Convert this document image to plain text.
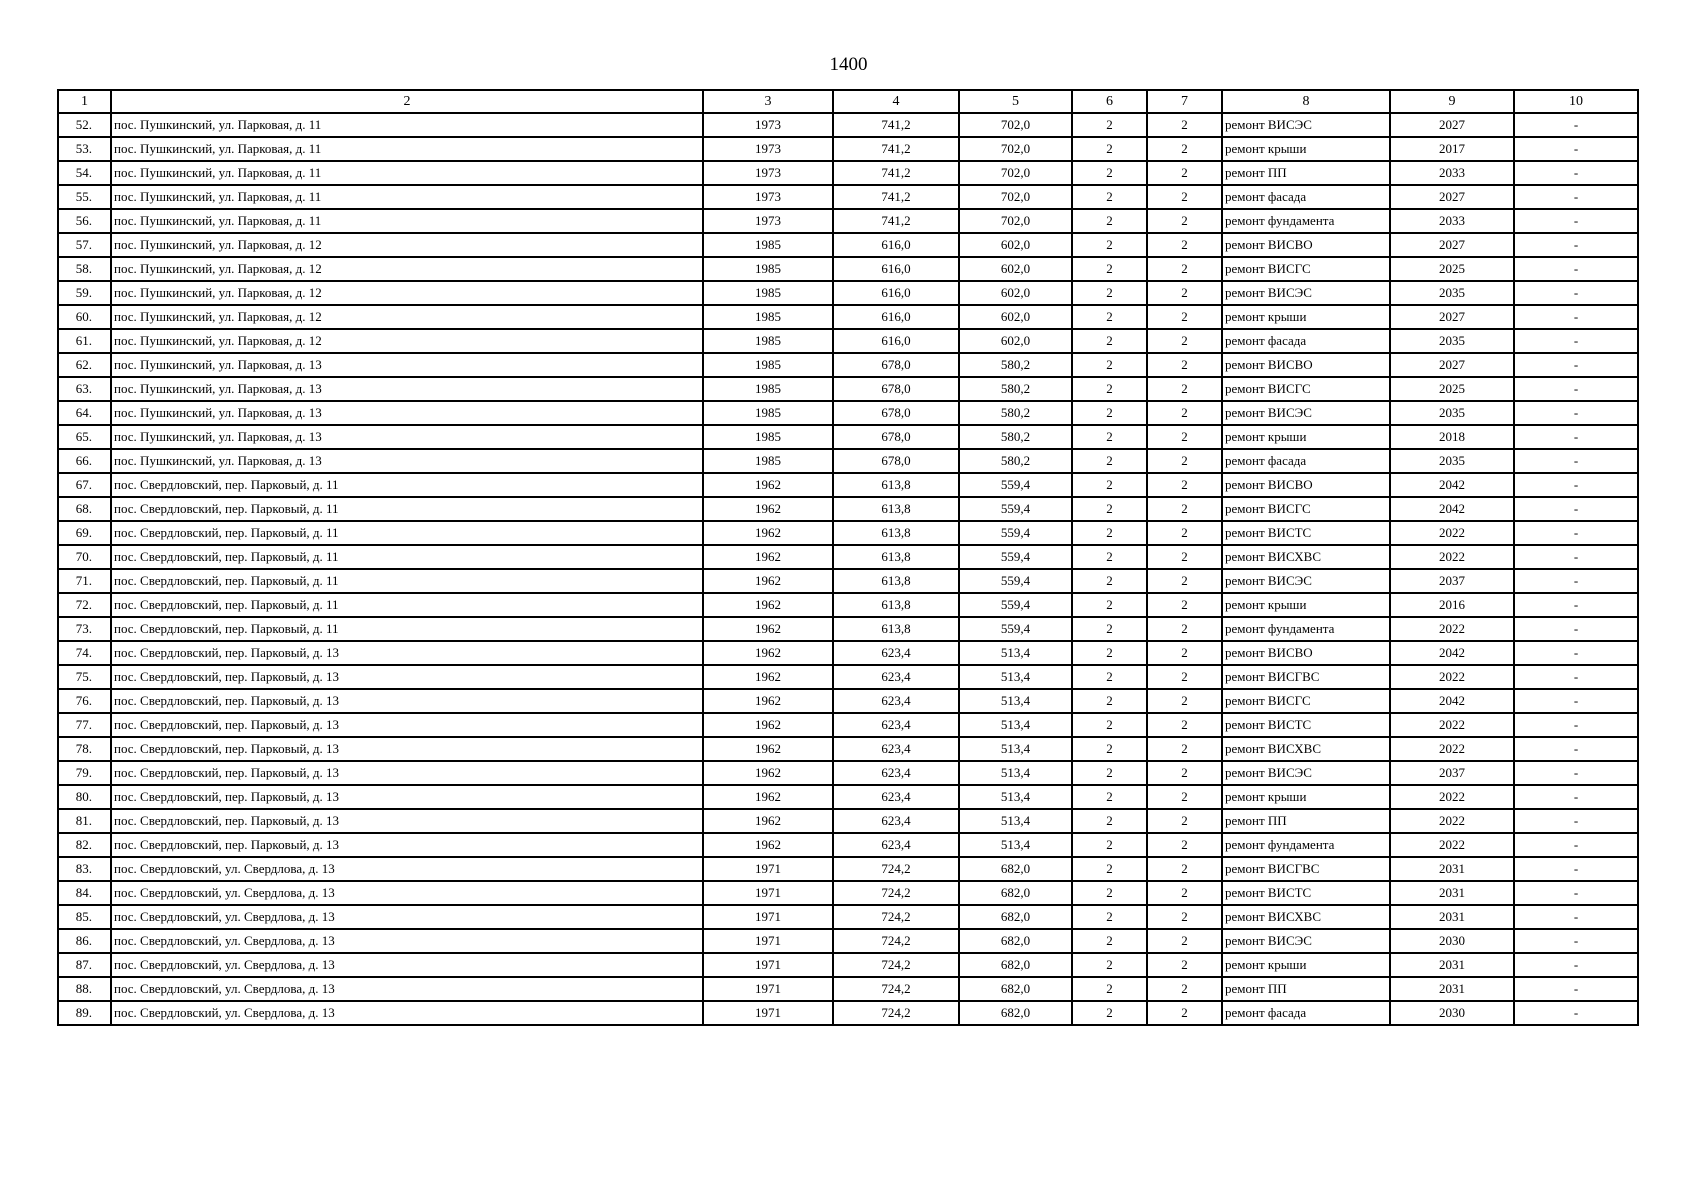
1400
1	2	3	4	5	6	7	8	9	10
52.	пос. Пушкинский, ул. Парковая, д. 11	1973	741,2	702,0	2	2	ремонт ВИСЭС	2027	-
53.	пос. Пушкинский, ул. Парковая, д. 11	1973	741,2	702,0	2	2	ремонт крыши	2017	-
54.	пос. Пушкинский, ул. Парковая, д. 11	1973	741,2	702,0	2	2	ремонт ПП	2033	-
55.	пос. Пушкинский, ул. Парковая, д. 11	1973	741,2	702,0	2	2	ремонт фасада	2027	-
56.	пос. Пушкинский, ул. Парковая, д. 11	1973	741,2	702,0	2	2	ремонт фундамента	2033	-
57.	пос. Пушкинский, ул. Парковая, д. 12	1985	616,0	602,0	2	2	ремонт ВИСВО	2027	-
58.	пос. Пушкинский, ул. Парковая, д. 12	1985	616,0	602,0	2	2	ремонт ВИСГС	2025	-
59.	пос. Пушкинский, ул. Парковая, д. 12	1985	616,0	602,0	2	2	ремонт ВИСЭС	2035	-
60.	пос. Пушкинский, ул. Парковая, д. 12	1985	616,0	602,0	2	2	ремонт крыши	2027	-
61.	пос. Пушкинский, ул. Парковая, д. 12	1985	616,0	602,0	2	2	ремонт фасада	2035	-
62.	пос. Пушкинский, ул. Парковая, д. 13	1985	678,0	580,2	2	2	ремонт ВИСВО	2027	-
63.	пос. Пушкинский, ул. Парковая, д. 13	1985	678,0	580,2	2	2	ремонт ВИСГС	2025	-
64.	пос. Пушкинский, ул. Парковая, д. 13	1985	678,0	580,2	2	2	ремонт ВИСЭС	2035	-
65.	пос. Пушкинский, ул. Парковая, д. 13	1985	678,0	580,2	2	2	ремонт крыши	2018	-
66.	пос. Пушкинский, ул. Парковая, д. 13	1985	678,0	580,2	2	2	ремонт фасада	2035	-
67.	пос. Свердловский, пер. Парковый, д. 11	1962	613,8	559,4	2	2	ремонт ВИСВО	2042	-
68.	пос. Свердловский, пер. Парковый, д. 11	1962	613,8	559,4	2	2	ремонт ВИСГС	2042	-
69.	пос. Свердловский, пер. Парковый, д. 11	1962	613,8	559,4	2	2	ремонт ВИСТС	2022	-
70.	пос. Свердловский, пер. Парковый, д. 11	1962	613,8	559,4	2	2	ремонт ВИСХВС	2022	-
71.	пос. Свердловский, пер. Парковый, д. 11	1962	613,8	559,4	2	2	ремонт ВИСЭС	2037	-
72.	пос. Свердловский, пер. Парковый, д. 11	1962	613,8	559,4	2	2	ремонт крыши	2016	-
73.	пос. Свердловский, пер. Парковый, д. 11	1962	613,8	559,4	2	2	ремонт фундамента	2022	-
74.	пос. Свердловский, пер. Парковый, д. 13	1962	623,4	513,4	2	2	ремонт ВИСВО	2042	-
75.	пос. Свердловский, пер. Парковый, д. 13	1962	623,4	513,4	2	2	ремонт ВИСГВС	2022	-
76.	пос. Свердловский, пер. Парковый, д. 13	1962	623,4	513,4	2	2	ремонт ВИСГС	2042	-
77.	пос. Свердловский, пер. Парковый, д. 13	1962	623,4	513,4	2	2	ремонт ВИСТС	2022	-
78.	пос. Свердловский, пер. Парковый, д. 13	1962	623,4	513,4	2	2	ремонт ВИСХВС	2022	-
79.	пос. Свердловский, пер. Парковый, д. 13	1962	623,4	513,4	2	2	ремонт ВИСЭС	2037	-
80.	пос. Свердловский, пер. Парковый, д. 13	1962	623,4	513,4	2	2	ремонт крыши	2022	-
81.	пос. Свердловский, пер. Парковый, д. 13	1962	623,4	513,4	2	2	ремонт ПП	2022	-
82.	пос. Свердловский, пер. Парковый, д. 13	1962	623,4	513,4	2	2	ремонт фундамента	2022	-
83.	пос. Свердловский, ул. Свердлова, д. 13	1971	724,2	682,0	2	2	ремонт ВИСГВС	2031	-
84.	пос. Свердловский, ул. Свердлова, д. 13	1971	724,2	682,0	2	2	ремонт ВИСТС	2031	-
85.	пос. Свердловский, ул. Свердлова, д. 13	1971	724,2	682,0	2	2	ремонт ВИСХВС	2031	-
86.	пос. Свердловский, ул. Свердлова, д. 13	1971	724,2	682,0	2	2	ремонт ВИСЭС	2030	-
87.	пос. Свердловский, ул. Свердлова, д. 13	1971	724,2	682,0	2	2	ремонт крыши	2031	-
88.	пос. Свердловский, ул. Свердлова, д. 13	1971	724,2	682,0	2	2	ремонт ПП	2031	-
89.	пос. Свердловский, ул. Свердлова, д. 13	1971	724,2	682,0	2	2	ремонт фасада	2030	-
